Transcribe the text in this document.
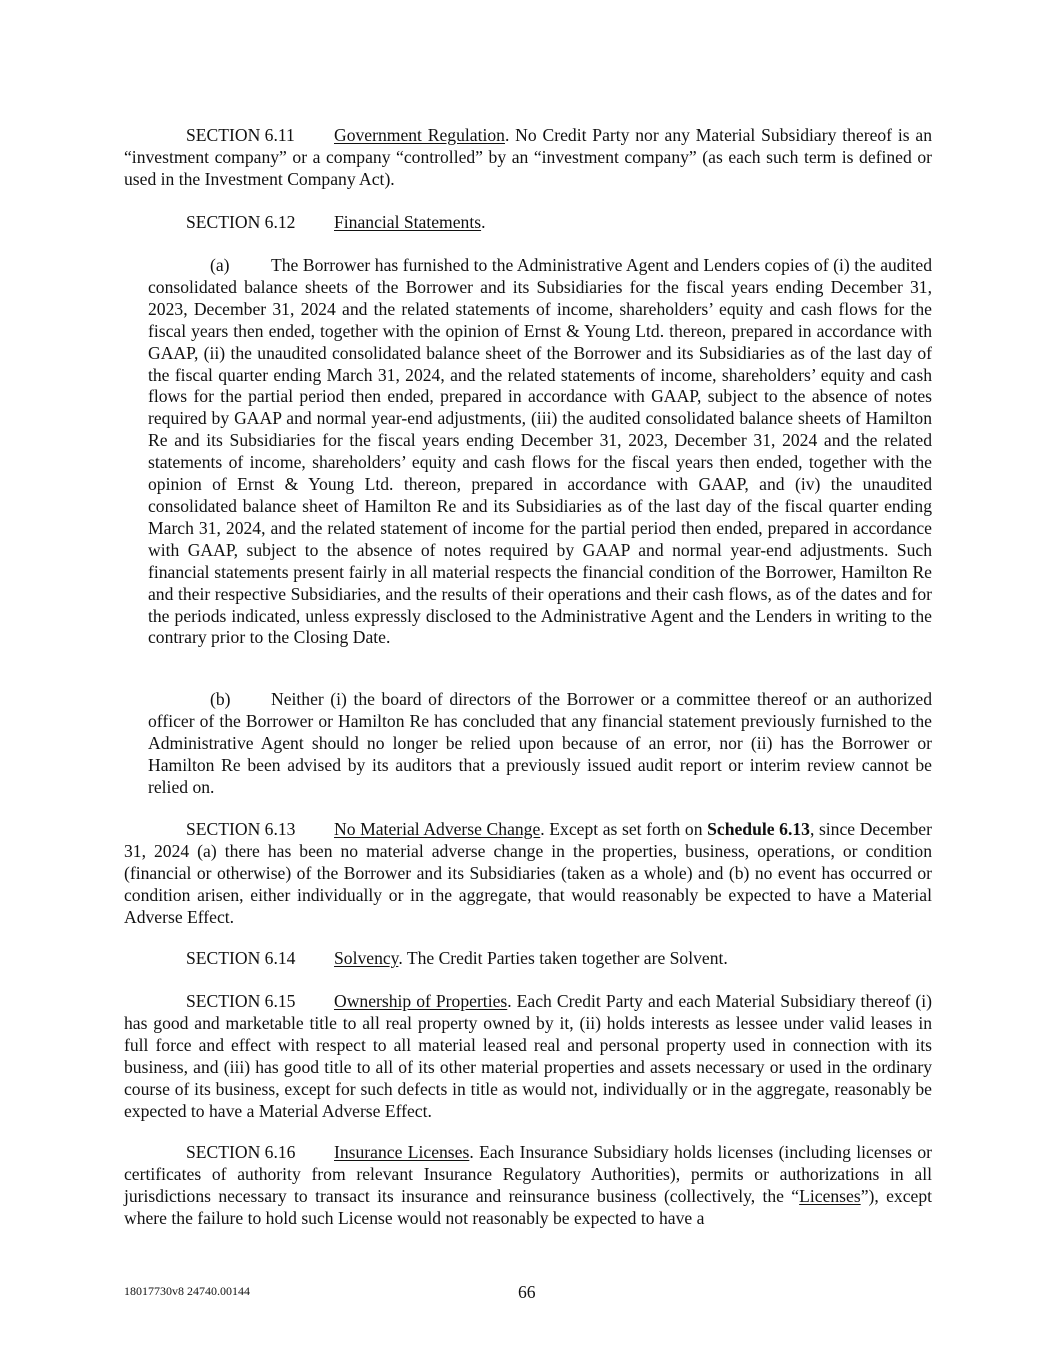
SECTION 6.11 Government Regulation. No Credit Party nor any Material Subsidiary thereof is an “investment company” or a company “controlled” by an “investment company” (as each such term is defined or used in the Investment Company Act).

SECTION 6.12 Financial Statements.

(a) The Borrower has furnished to the Administrative Agent and Lenders copies of (i) the audited consolidated balance sheets of the Borrower and its Subsidiaries for the fiscal years ending December 31, 2023, December 31, 2024 and the related statements of income, shareholders’ equity and cash flows for the fiscal years then ended, together with the opinion of Ernst & Young Ltd. thereon, prepared in accordance with GAAP, (ii) the unaudited consolidated balance sheet of the Borrower and its Subsidiaries as of the last day of the fiscal quarter ending March 31, 2024, and the related statements of income, shareholders’ equity and cash flows for the partial period then ended, prepared in accordance with GAAP, subject to the absence of notes required by GAAP and normal year-end adjustments, (iii) the audited consolidated balance sheets of Hamilton Re and its Subsidiaries for the fiscal years ending December 31, 2023, December 31, 2024 and the related statements of income, shareholders’ equity and cash flows for the fiscal years then ended, together with the opinion of Ernst & Young Ltd. thereon, prepared in accordance with GAAP, and (iv) the unaudited consolidated balance sheet of Hamilton Re and its Subsidiaries as of the last day of the fiscal quarter ending March 31, 2024, and the related statement of income for the partial period then ended, prepared in accordance with GAAP, subject to the absence of notes required by GAAP and normal year-end adjustments. Such financial statements present fairly in all material respects the financial condition of the Borrower, Hamilton Re and their respective Subsidiaries, and the results of their operations and their cash flows, as of the dates and for the periods indicated, unless expressly disclosed to the Administrative Agent and the Lenders in writing to the contrary prior to the Closing Date.

(b) Neither (i) the board of directors of the Borrower or a committee thereof or an authorized officer of the Borrower or Hamilton Re has concluded that any financial statement previously furnished to the Administrative Agent should no longer be relied upon because of an error, nor (ii) has the Borrower or Hamilton Re been advised by its auditors that a previously issued audit report or interim review cannot be relied on.

SECTION 6.13 No Material Adverse Change. Except as set forth on Schedule 6.13, since December 31, 2024 (a) there has been no material adverse change in the properties, business, operations, or condition (financial or otherwise) of the Borrower and its Subsidiaries (taken as a whole) and (b) no event has occurred or condition arisen, either individually or in the aggregate, that would reasonably be expected to have a Material Adverse Effect.

SECTION 6.14 Solvency. The Credit Parties taken together are Solvent.

SECTION 6.15 Ownership of Properties. Each Credit Party and each Material Subsidiary thereof (i) has good and marketable title to all real property owned by it, (ii) holds interests as lessee under valid leases in full force and effect with respect to all material leased real and personal property used in connection with its business, and (iii) has good title to all of its other material properties and assets necessary or used in the ordinary course of its business, except for such defects in title as would not, individually or in the aggregate, reasonably be expected to have a Material Adverse Effect.

SECTION 6.16 Insurance Licenses. Each Insurance Subsidiary holds licenses (including licenses or certificates of authority from relevant Insurance Regulatory Authorities), permits or authorizations in all jurisdictions necessary to transact its insurance and reinsurance business (collectively, the “Licenses”), except where the failure to hold such License would not reasonably be expected to have a

18017730v8 24740.00144	66
